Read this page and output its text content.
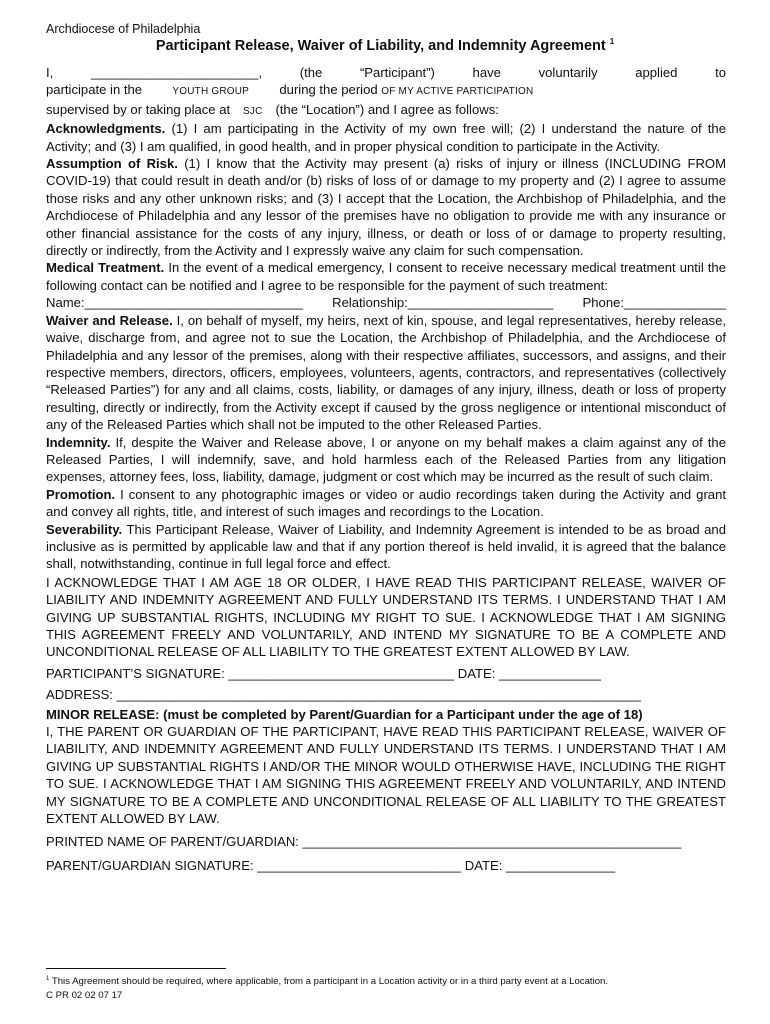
Archdiocese of Philadelphia
Participant Release, Waiver of Liability, and Indemnity Agreement $^1$
I,	_______________________, (the “Participant”) have voluntarily applied to
participate in the	YOUTH GROUP during the period OF MY ACTIVE PARTICIPATION
supervised by or taking place at SJC (the “Location”) and I agree as follows:

Acknowledgments. (1) I am participating in the Activity of my own free will; (2) I understand the nature of the Activity; and (3) I am qualified, in good health, and in proper physical condition to participate in the Activity.

Assumption of Risk. (1) I know that the Activity may present (a) risks of injury or illness (INCLUDING FROM COVID-19) that could result in death and/or (b) risks of loss of or damage to my property and (2) I agree to assume those risks and any other unknown risks; and (3) I accept that the Location, the Archbishop of Philadelphia, and the Archdiocese of Philadelphia and any lessor of the premises have no obligation to provide me with any insurance or other financial assistance for the costs of any injury, illness, or death or loss of or damage to property resulting, directly or indirectly, from the Activity and I expressly waive any claim for such compensation.

Medical Treatment. In the event of a medical emergency, I consent to receive necessary medical treatment until the following contact can be notified and I agree to be responsible for the payment of such treatment:

Name:______________________________ Relationship:____________________ Phone:______________

Waiver and Release. I, on behalf of myself, my heirs, next of kin, spouse, and legal representatives, hereby release, waive, discharge from, and agree not to sue the Location, the Archbishop of Philadelphia, and the Archdiocese of Philadelphia and any lessor of the premises, along with their respective affiliates, successors, and assigns, and their respective members, directors, officers, employees, volunteers, agents, contractors, and representatives (collectively “Released Parties”) for any and all claims, costs, liability, or damages of any injury, illness, death or loss of property resulting, directly or indirectly, from the Activity except if caused by the gross negligence or intentional misconduct of any of the Released Parties which shall not be imputed to the other Released Parties.

Indemnity. If, despite the Waiver and Release above, I or anyone on my behalf makes a claim against any of the Released Parties, I will indemnify, save, and hold harmless each of the Released Parties from any litigation expenses, attorney fees, loss, liability, damage, judgment or cost which may be incurred as the result of such claim.

Promotion. I consent to any photographic images or video or audio recordings taken during the Activity and grant and convey all rights, title, and interest of such images and recordings to the Location.

Severability. This Participant Release, Waiver of Liability, and Indemnity Agreement is intended to be as broad and inclusive as is permitted by applicable law and that if any portion thereof is held invalid, it is agreed that the balance shall, notwithstanding, continue in full legal force and effect.

I ACKNOWLEDGE THAT I AM AGE 18 OR OLDER, I HAVE READ THIS PARTICIPANT RELEASE, WAIVER OF LIABILITY AND INDEMNITY AGREEMENT AND FULLY UNDERSTAND ITS TERMS. I UNDERSTAND THAT I AM GIVING UP SUBSTANTIAL RIGHTS, INCLUDING MY RIGHT TO SUE. I ACKNOWLEDGE THAT I AM SIGNING THIS AGREEMENT FREELY AND VOLUNTARILY, AND INTEND MY SIGNATURE TO BE A COMPLETE AND UNCONDITIONAL RELEASE OF ALL LIABILITY TO THE GREATEST EXTENT ALLOWED BY LAW.

PARTICIPANT’S SIGNATURE: _______________________________ DATE: ______________
ADDRESS: ________________________________________________________________________
MINOR RELEASE: (must be completed by Parent/Guardian for a Participant under the age of 18)

I, THE PARENT OR GUARDIAN OF THE PARTICIPANT, HAVE READ THIS PARTICIPANT RELEASE, WAIVER OF LIABILITY, AND INDEMNITY AGREEMENT AND FULLY UNDERSTAND ITS TERMS. I UNDERSTAND THAT I AM GIVING UP SUBSTANTIAL RIGHTS I AND/OR THE MINOR WOULD OTHERWISE HAVE, INCLUDING THE RIGHT TO SUE. I ACKNOWLEDGE THAT I AM SIGNING THIS AGREEMENT FREELY AND VOLUNTARILY, AND INTEND MY SIGNATURE TO BE A COMPLETE AND UNCONDITIONAL RELEASE OF ALL LIABILITY TO THE GREATEST EXTENT ALLOWED BY LAW.

PRINTED NAME OF PARENT/GUARDIAN: ____________________________________________________
PARENT/GUARDIAN SIGNATURE: ____________________________ DATE: _______________
$^1$ This Agreement should be required, where applicable, from a participant in a Location activity or in a third party event at a Location.
C PR 02 02 07 17
